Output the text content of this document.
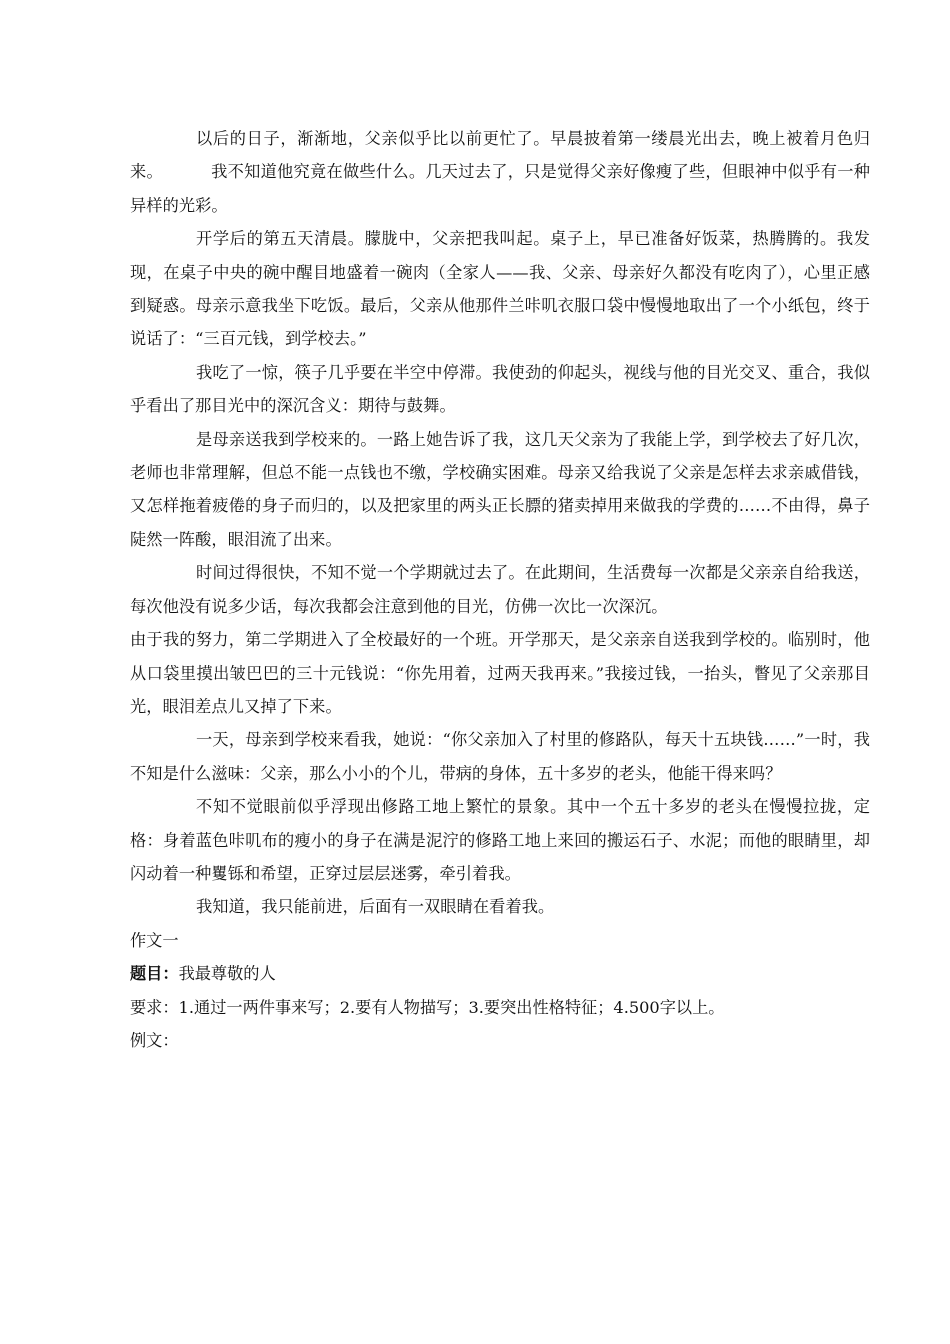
以后的日子，渐渐地，父亲似乎比以前更忙了。早晨披着第一缕晨光出去，晚上被着月色归来。	我不知道他究竟在做些什么。几天过去了，只是觉得父亲好像瘦了些，但眼神中似乎有一种异样的光彩。

开学后的第五天清晨。朦胧中，父亲把我叫起。桌子上，早已准备好饭菜，热腾腾的。我发现，在桌子中央的碗中醒目地盛着一碗肉（全家人——我、父亲、母亲好久都没有吃肉了），心里正感到疑惑。母亲示意我坐下吃饭。最后，父亲从他那件兰咔叽衣服口袋中慢慢地取出了一个小纸包，终于说话了：“三百元钱，到学校去。”

我吃了一惊，筷子几乎要在半空中停滞。我使劲的仰起头，视线与他的目光交叉、重合，我似乎看出了那目光中的深沉含义：期待与鼓舞。

是母亲送我到学校来的。一路上她告诉了我，这几天父亲为了我能上学，到学校去了好几次，老师也非常理解，但总不能一点钱也不缴，学校确实困难。母亲又给我说了父亲是怎样去求亲戚借钱，又怎样拖着疲倦的身子而归的，以及把家里的两头正长膘的猪卖掉用来做我的学费的……不由得，鼻子陡然一阵酸，眼泪流了出来。

时间过得很快，不知不觉一个学期就过去了。在此期间，生活费每一次都是父亲亲自给我送，每次他没有说多少话，每次我都会注意到他的目光，仿佛一次比一次深沉。

由于我的努力，第二学期进入了全校最好的一个班。开学那天，是父亲亲自送我到学校的。临别时，他从口袋里摸出皱巴巴的三十元钱说：“你先用着，过两天我再来。”我接过钱，一抬头，瞥见了父亲那目光，眼泪差点儿又掉了下来。

一天，母亲到学校来看我，她说：“你父亲加入了村里的修路队，每天十五块钱……”一时，我不知是什么滋味：父亲，那么小小的个儿，带病的身体，五十多岁的老头，他能干得来吗？

不知不觉眼前似乎浮现出修路工地上繁忙的景象。其中一个五十多岁的老头在慢慢拉拢，定格：身着蓝色咔叽布的瘦小的身子在满是泥泞的修路工地上来回的搬运石子、水泥；而他的眼睛里，却闪动着一种矍铄和希望，正穿过层层迷雾，牵引着我。

我知道，我只能前进，后面有一双眼睛在看着我。

作文一

题目：我最尊敬的人

要求：1.通过一两件事来写；2.要有人物描写；3.要突出性格特征；4.500字以上。

例文：
